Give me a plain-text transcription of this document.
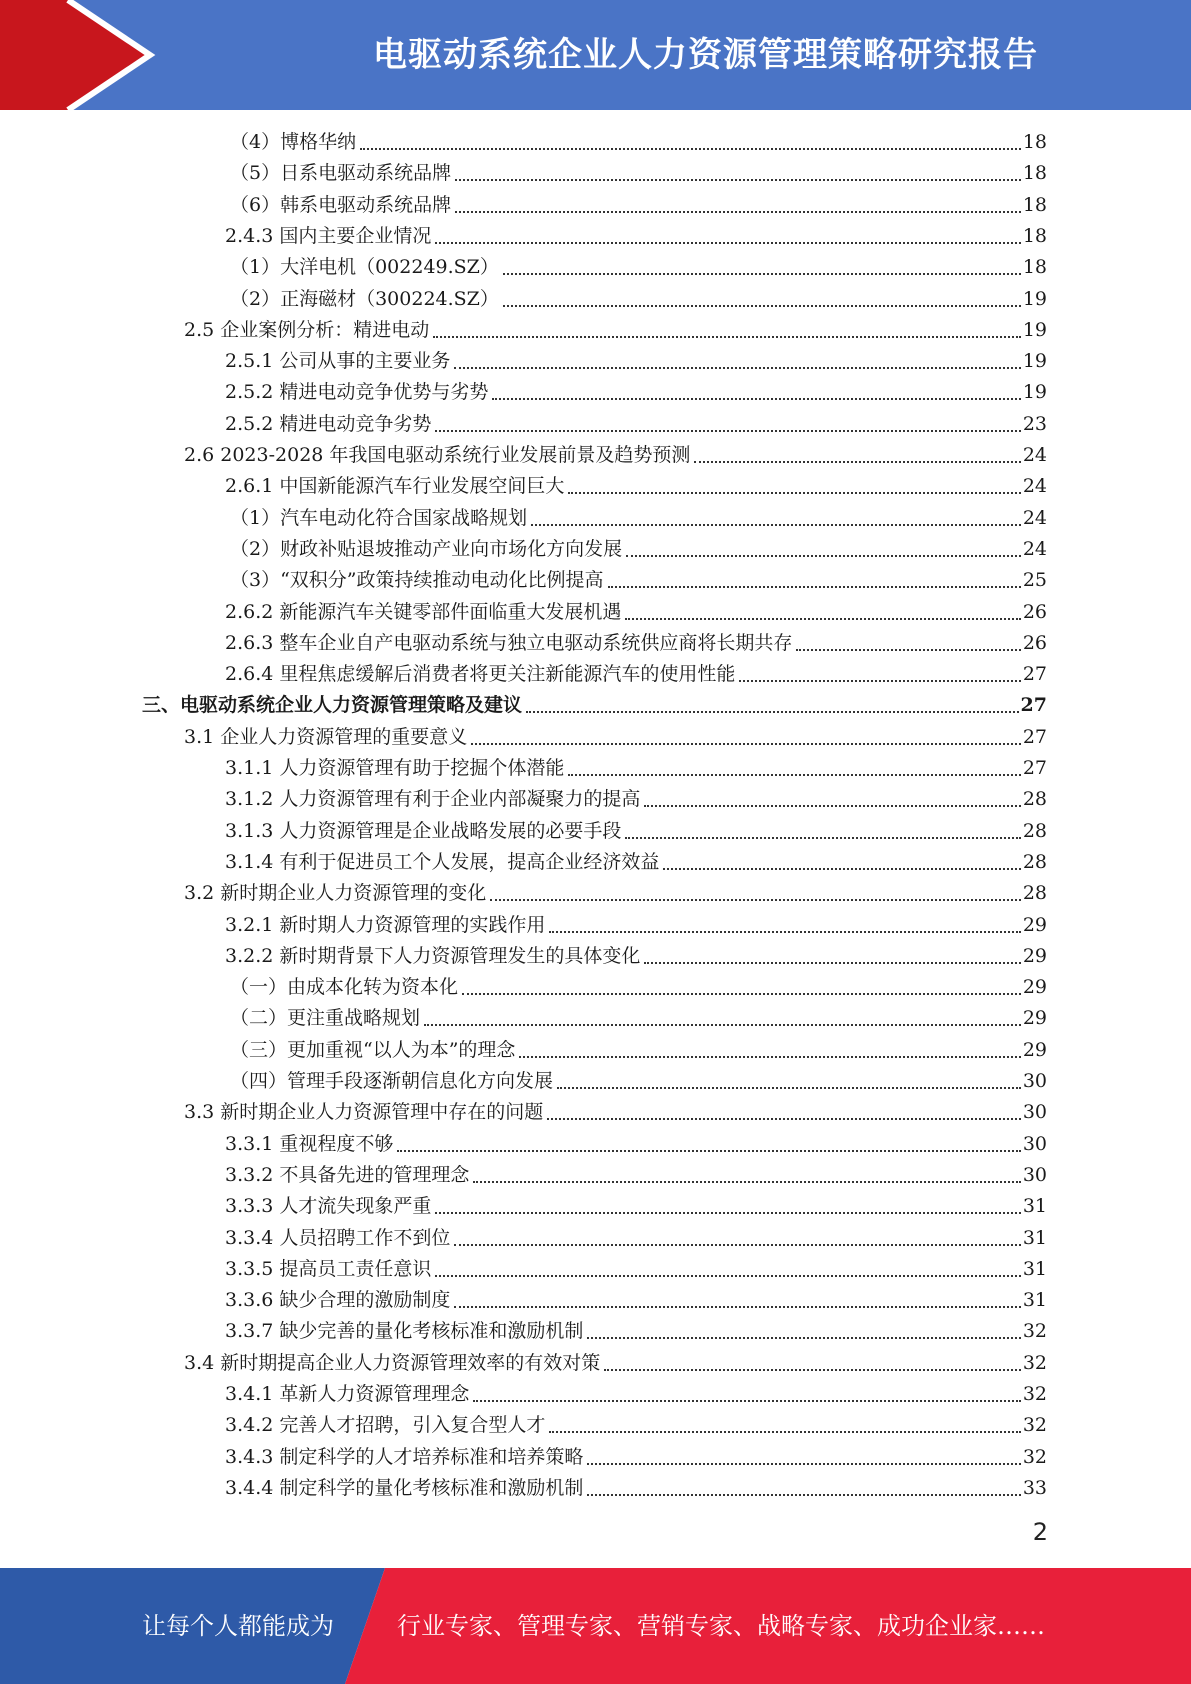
电驱动系统企业人力资源管理策略研究报告
（4）博格华纳	18
（5）日系电驱动系统品牌	18
（6）韩系电驱动系统品牌	18
2.4.3 国内主要企业情况	18
（1）大洋电机（002249.SZ）	18
（2）正海磁材（300224.SZ）	19
2.5 企业案例分析：精进电动	19
2.5.1 公司从事的主要业务	19
2.5.2 精进电动竞争优势与劣势	19
2.5.2 精进电动竞争劣势	23
2.6 2023-2028 年我国电驱动系统行业发展前景及趋势预测	24
2.6.1 中国新能源汽车行业发展空间巨大	24
（1）汽车电动化符合国家战略规划	24
（2）财政补贴退坡推动产业向市场化方向发展	24
（3）“双积分”政策持续推动电动化比例提高	25
2.6.2 新能源汽车关键零部件面临重大发展机遇	26
2.6.3 整车企业自产电驱动系统与独立电驱动系统供应商将长期共存	26
2.6.4 里程焦虑缓解后消费者将更关注新能源汽车的使用性能	27
三、电驱动系统企业人力资源管理策略及建议	27
3.1 企业人力资源管理的重要意义	27
3.1.1 人力资源管理有助于挖掘个体潜能	27
3.1.2 人力资源管理有利于企业内部凝聚力的提高	28
3.1.3 人力资源管理是企业战略发展的必要手段	28
3.1.4 有利于促进员工个人发展，提高企业经济效益	28
3.2 新时期企业人力资源管理的变化	28
3.2.1 新时期人力资源管理的实践作用	29
3.2.2 新时期背景下人力资源管理发生的具体变化	29
（一）由成本化转为资本化	29
（二）更注重战略规划	29
（三）更加重视“以人为本”的理念	29
（四）管理手段逐渐朝信息化方向发展	30
3.3 新时期企业人力资源管理中存在的问题	30
3.3.1 重视程度不够	30
3.3.2 不具备先进的管理理念	30
3.3.3 人才流失现象严重	31
3.3.4 人员招聘工作不到位	31
3.3.5 提高员工责任意识	31
3.3.6 缺少合理的激励制度	31
3.3.7 缺少完善的量化考核标准和激励机制	32
3.4 新时期提高企业人力资源管理效率的有效对策	32
3.4.1 革新人力资源管理理念	32
3.4.2 完善人才招聘，引入复合型人才	32
3.4.3 制定科学的人才培养标准和培养策略	32
3.4.4 制定科学的量化考核标准和激励机制	33
2
让每个人都能成为	行业专家、管理专家、营销专家、战略专家、成功企业家……
